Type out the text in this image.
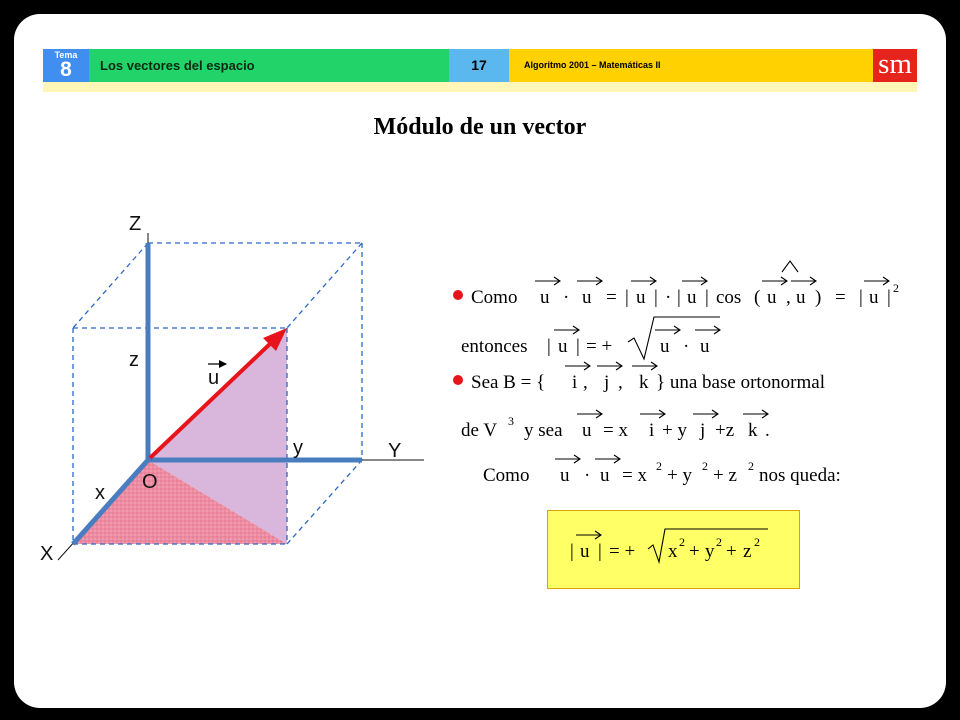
Tema
8	Los vectores del espacio	17	Algoritmo 2001 – Matemáticas II	sm
Módulo de un vector
Z
Y
X
z
y
x O
u
Como u · u = | u | · | u | cos ( u , u ) = | u | 2
entonces | u | = +	u · u
Sea B = { i , j , k } una base ortonormal
de V 3 y sea u = x i + y j +z k .
Como u · u = x 2 + y 2 + z 2 nos queda:
| u | = + x 2 + y 2 + z 2
